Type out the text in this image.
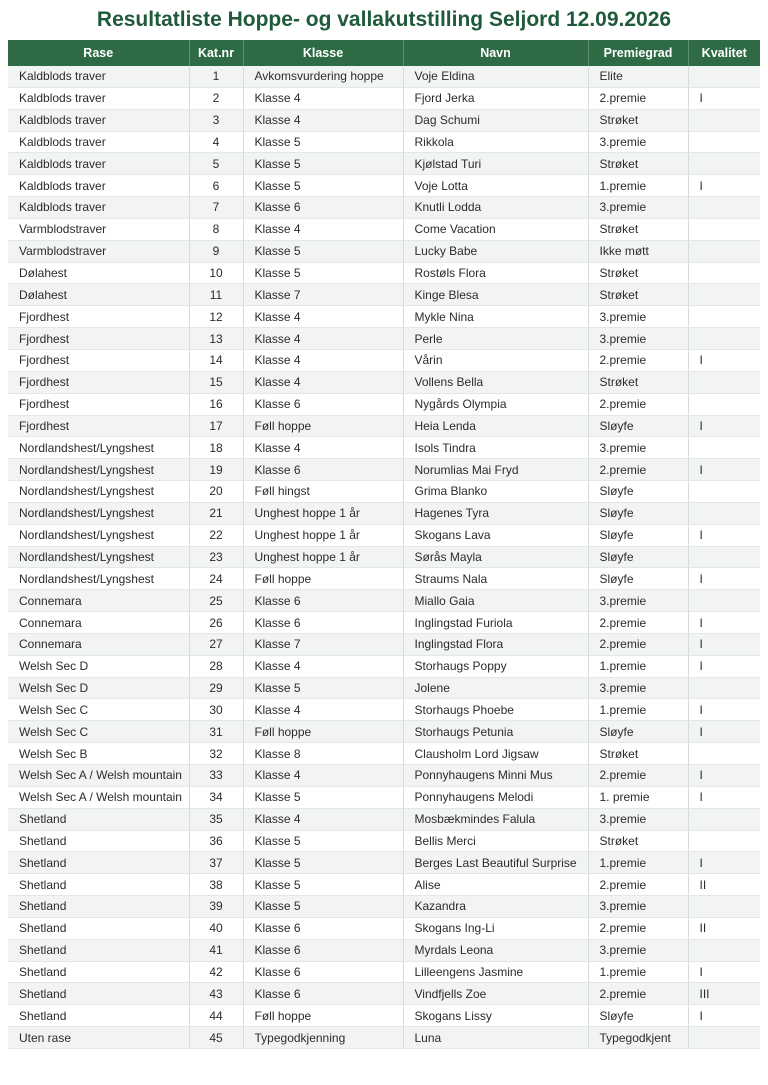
Resultatliste Hoppe- og vallakutstilling Seljord 12.09.2026
Rase	Kat.nr	Klasse	Navn	Premiegrad	Kvalitet
Kaldblods traver	1	Avkomsvurdering hoppe	Voje Eldina	Elite	
Kaldblods traver	2	Klasse 4	Fjord Jerka	2.premie	I
Kaldblods traver	3	Klasse 4	Dag Schumi	Strøket	
Kaldblods traver	4	Klasse 5	Rikkola	3.premie	
Kaldblods traver	5	Klasse 5	Kjølstad Turi	Strøket	
Kaldblods traver	6	Klasse 5	Voje Lotta	1.premie	I
Kaldblods traver	7	Klasse 6	Knutli Lodda	3.premie	
Varmblodstraver	8	Klasse 4	Come Vacation	Strøket	
Varmblodstraver	9	Klasse 5	Lucky Babe	Ikke møtt	
Dølahest	10	Klasse 5	Rostøls Flora	Strøket	
Dølahest	11	Klasse 7	Kinge Blesa	Strøket	
Fjordhest	12	Klasse 4	Mykle Nina	3.premie	
Fjordhest	13	Klasse 4	Perle	3.premie	
Fjordhest	14	Klasse 4	Vårin	2.premie	I
Fjordhest	15	Klasse 4	Vollens Bella	Strøket	
Fjordhest	16	Klasse 6	Nygårds Olympia	2.premie	
Fjordhest	17	Føll hoppe	Heia Lenda	Sløyfe	I
Nordlandshest/Lyngshest	18	Klasse 4	Isols Tindra	3.premie	
Nordlandshest/Lyngshest	19	Klasse 6	Norumlias Mai Fryd	2.premie	I
Nordlandshest/Lyngshest	20	Føll hingst	Grima Blanko	Sløyfe	
Nordlandshest/Lyngshest	21	Unghest hoppe 1 år	Hagenes Tyra	Sløyfe	
Nordlandshest/Lyngshest	22	Unghest hoppe 1 år	Skogans Lava	Sløyfe	I
Nordlandshest/Lyngshest	23	Unghest hoppe 1 år	Sørås Mayla	Sløyfe	
Nordlandshest/Lyngshest	24	Føll hoppe	Straums Nala	Sløyfe	I
Connemara	25	Klasse 6	Miallo Gaia	3.premie	
Connemara	26	Klasse 6	Inglingstad Furiola	2.premie	I
Connemara	27	Klasse 7	Inglingstad Flora	2.premie	I
Welsh Sec D	28	Klasse 4	Storhaugs Poppy	1.premie	I
Welsh Sec D	29	Klasse 5	Jolene	3.premie	
Welsh Sec C	30	Klasse 4	Storhaugs Phoebe	1.premie	I
Welsh Sec C	31	Føll hoppe	Storhaugs Petunia	Sløyfe	I
Welsh Sec B	32	Klasse 8	Clausholm Lord Jigsaw	Strøket	
Welsh Sec A / Welsh mountain	33	Klasse 4	Ponnyhaugens Minni Mus	2.premie	I
Welsh Sec A / Welsh mountain	34	Klasse 5	Ponnyhaugens Melodi	1. premie	I
Shetland	35	Klasse 4	Mosbækmindes Falula	3.premie	
Shetland	36	Klasse 5	Bellis Merci	Strøket	
Shetland	37	Klasse 5	Berges Last Beautiful Surprise	1.premie	I
Shetland	38	Klasse 5	Alise	2.premie	II
Shetland	39	Klasse 5	Kazandra	3.premie	
Shetland	40	Klasse 6	Skogans Ing-Li	2.premie	II
Shetland	41	Klasse 6	Myrdals Leona	3.premie	
Shetland	42	Klasse 6	Lilleengens Jasmine	1.premie	I
Shetland	43	Klasse 6	Vindfjells Zoe	2.premie	III
Shetland	44	Føll hoppe	Skogans Lissy	Sløyfe	I
Uten rase	45	Typegodkjenning	Luna	Typegodkjent	
